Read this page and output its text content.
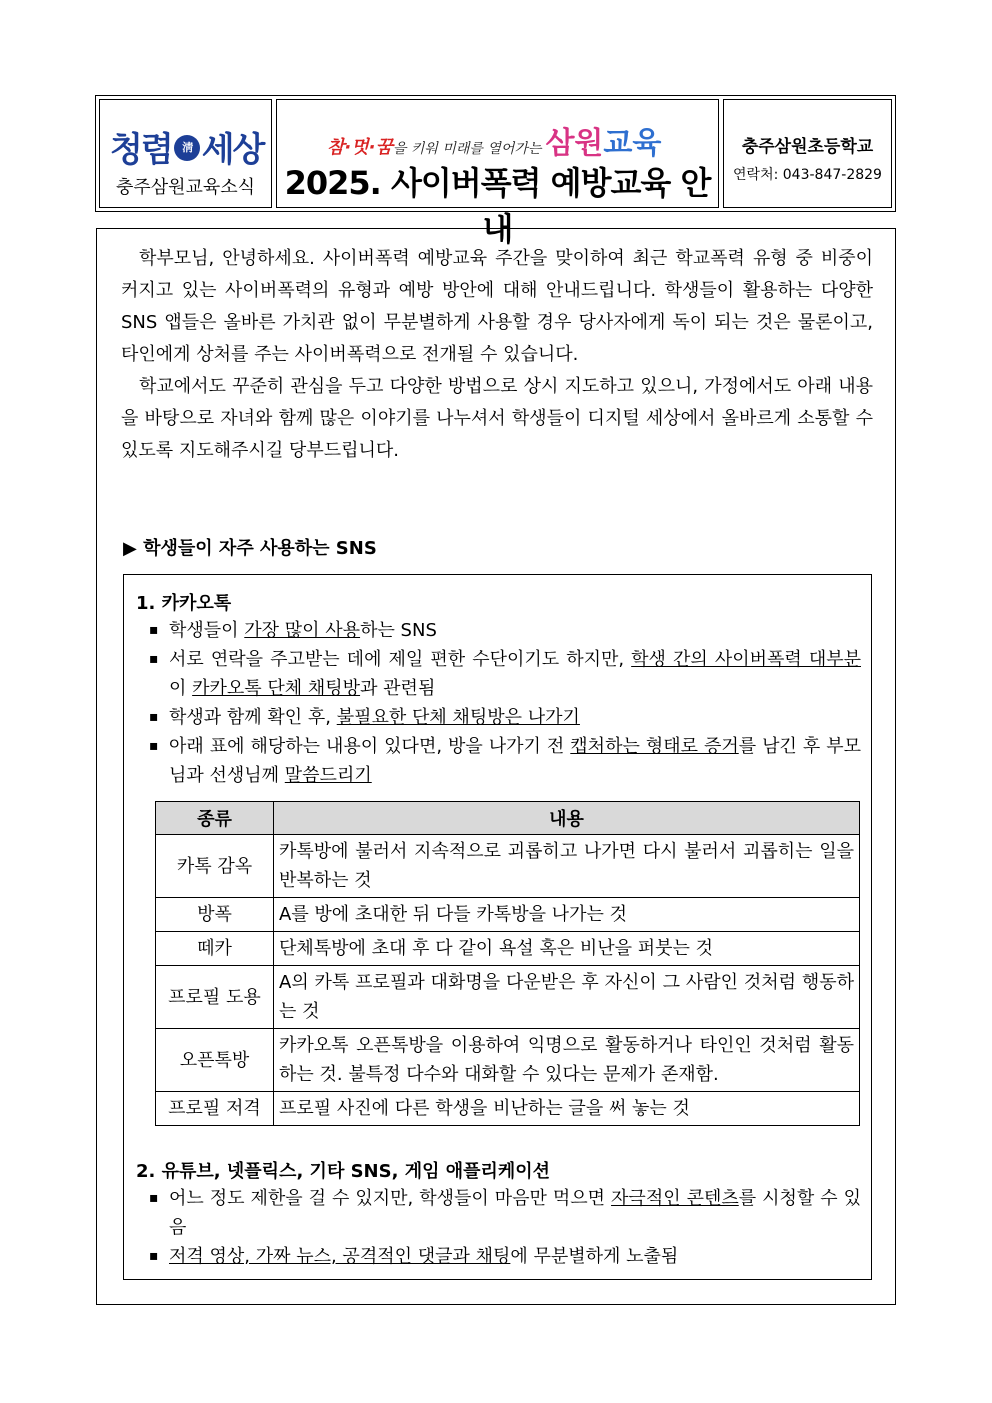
청렴 淸 세상
충주삼원교육소식
참·멋·꿈을 키워 미래를 열어가는 삼원교육
2025. 사이버폭력 예방교육 안내
충주삼원초등학교
연락처: 043-847-2829

학부모님, 안녕하세요. 사이버폭력 예방교육 주간을 맞이하여 최근 학교폭력 유형 중 비중이 커지고 있는 사이버폭력의 유형과 예방 방안에 대해 안내드립니다. 학생들이 활용하는 다양한 SNS 앱들은 올바른 가치관 없이 무분별하게 사용할 경우 당사자에게 독이 되는 것은 물론이고, 타인에게 상처를 주는 사이버폭력으로 전개될 수 있습니다.

학교에서도 꾸준히 관심을 두고 다양한 방법으로 상시 지도하고 있으니, 가정에서도 아래 내용을 바탕으로 자녀와 함께 많은 이야기를 나누셔서 학생들이 디지털 세상에서 올바르게 소통할 수 있도록 지도해주시길 당부드립니다.

▶ 학생들이 자주 사용하는 SNS
1. 카카오톡
▪ 학생들이 가장 많이 사용하는 SNS
▪ 서로 연락을 주고받는 데에 제일 편한 수단이기도 하지만, 학생 간의 사이버폭력 대부분이 카카오톡 단체 채팅방과 관련됨
▪ 학생과 함께 확인 후, 불필요한 단체 채팅방은 나가기
▪ 아래 표에 해당하는 내용이 있다면, 방을 나가기 전 캡처하는 형태로 증거를 남긴 후 부모님과 선생님께 말씀드리기
종류	내용
카톡 감옥	카톡방에 불러서 지속적으로 괴롭히고 나가면 다시 불러서 괴롭히는 일을 반복하는 것
방폭	A를 방에 초대한 뒤 다들 카톡방을 나가는 것
떼카	단체톡방에 초대 후 다 같이 욕설 혹은 비난을 퍼붓는 것
프로필 도용	A의 카톡 프로필과 대화명을 다운받은 후 자신이 그 사람인 것처럼 행동하는 것
오픈톡방	카카오톡 오픈톡방을 이용하여 익명으로 활동하거나 타인인 것처럼 활동하는 것. 불특정 다수와 대화할 수 있다는 문제가 존재함.
프로필 저격	프로필 사진에 다른 학생을 비난하는 글을 써 놓는 것
2. 유튜브, 넷플릭스, 기타 SNS, 게임 애플리케이션
▪ 어느 정도 제한을 걸 수 있지만, 학생들이 마음만 먹으면 자극적인 콘텐츠를 시청할 수 있음
▪ 저격 영상, 가짜 뉴스, 공격적인 댓글과 채팅에 무분별하게 노출됨
